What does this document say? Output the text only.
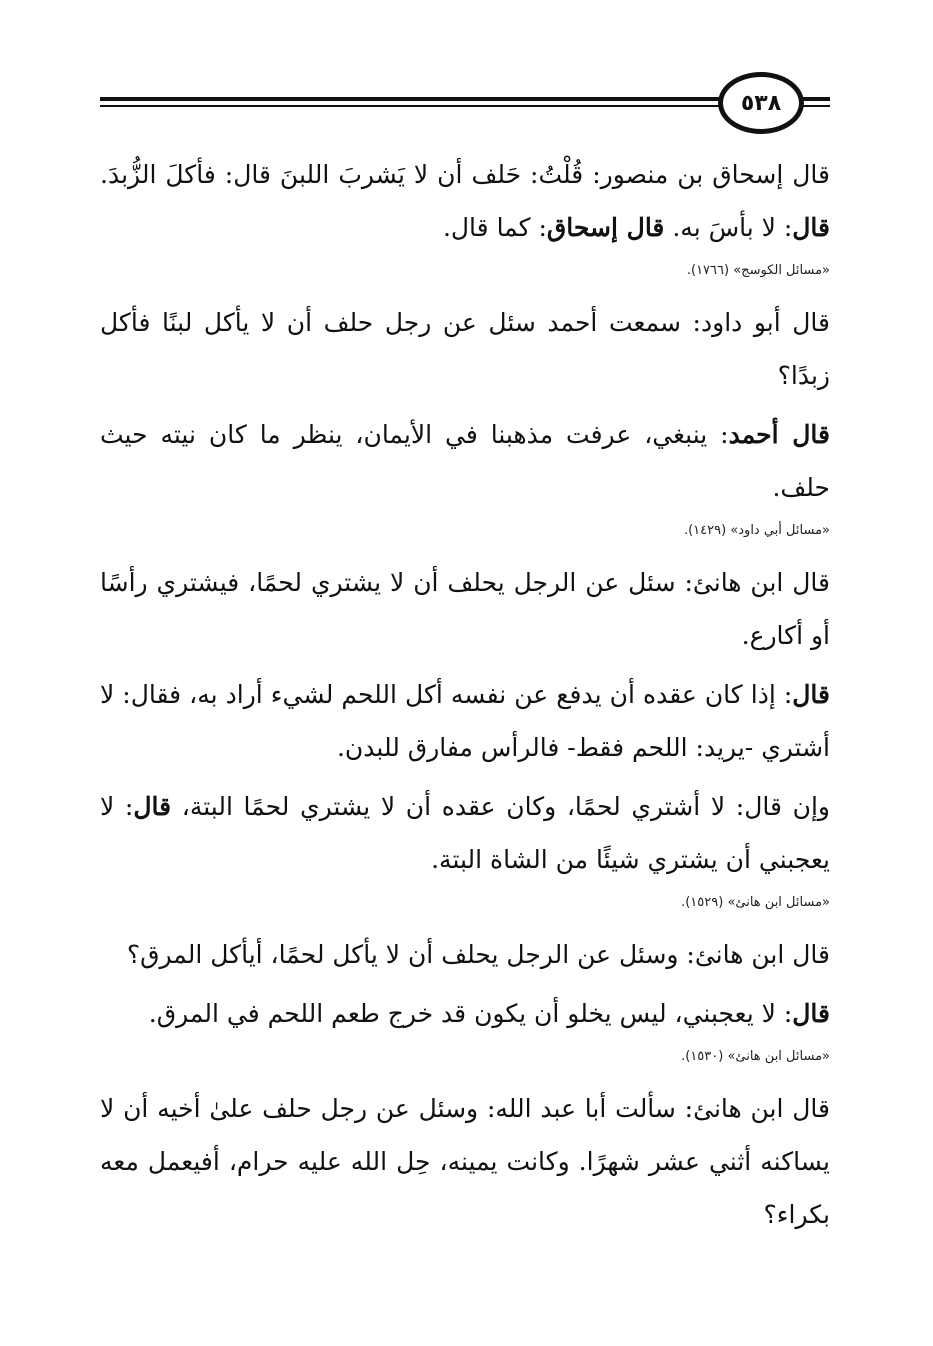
٥٣٨
قال إسحاق بن منصور: قُلْتُ: حَلف أن لا يَشربَ اللبنَ قال: فأكلَ الزُّبدَ. قال: لا بأسَ به. قال إسحاق: كما قال.
«مسائل الكوسج» (١٧٦٦).
قال أبو داود: سمعت أحمد سئل عن رجل حلف أن لا يأكل لبنًا فأكل زبدًا؟
قال أحمد: ينبغي، عرفت مذهبنا في الأيمان، ينظر ما كان نيته حيث حلف.
«مسائل أبي داود» (١٤٢٩).
قال ابن هانئ: سئل عن الرجل يحلف أن لا يشتري لحمًا، فيشتري رأسًا أو أكارع.
قال: إذا كان عقده أن يدفع عن نفسه أكل اللحم لشيء أراد به، فقال: لا أشتري -يريد: اللحم فقط- فالرأس مفارق للبدن.
وإن قال: لا أشتري لحمًا، وكان عقده أن لا يشتري لحمًا البتة، قال: لا يعجبني أن يشتري شيئًا من الشاة البتة.
«مسائل ابن هانئ» (١٥٢٩).
قال ابن هانئ: وسئل عن الرجل يحلف أن لا يأكل لحمًا، أيأكل المرق؟
قال: لا يعجبني، ليس يخلو أن يكون قد خرج طعم اللحم في المرق.
«مسائل ابن هانئ» (١٥٣٠).
قال ابن هانئ: سألت أبا عبد الله: وسئل عن رجل حلف علىٰ أخيه أن لا يساكنه أثني عشر شهرًا. وكانت يمينه، حِل الله عليه حرام، أفيعمل معه بكراء؟
